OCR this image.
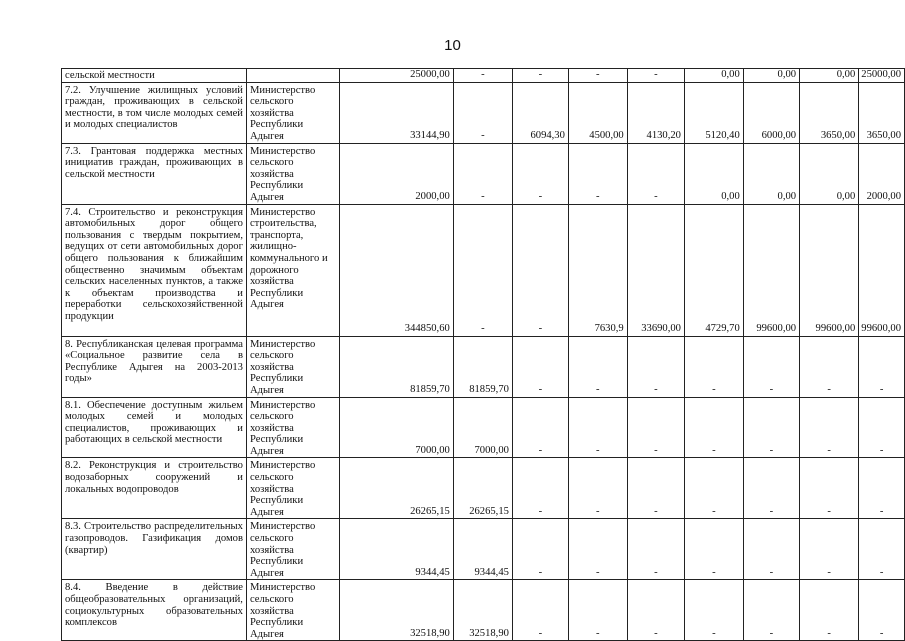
10
сельской местности		25000,00	-	-	-	-	0,00	0,00	0,00	25000,00
7.2. Улучшение жилищных условий граждан, проживающих в сельской местности, в том числе молодых семей и молодых специалистов	Министерство сельского хозяйства Республики Адыгея	33144,90	-	6094,30	4500,00	4130,20	5120,40	6000,00	3650,00	3650,00
7.3. Грантовая поддержка местных инициатив граждан, проживающих в сельской местности	Министерство сельского хозяйства Республики Адыгея	2000,00	-	-	-	-	0,00	0,00	0,00	2000,00
7.4. Строительство и реконструкция автомобильных дорог общего пользования с твердым покрытием, ведущих от сети автомобильных дорог общего пользования к ближайшим общественно значимым объектам сельских населенных пунктов, а также к объектам производства и переработки сельскохозяйственной продукции	Министерство строительства, транспорта, жилищно-коммунального и дорожного хозяйства Республики Адыгея	344850,60	-	-	7630,9	33690,00	4729,70	99600,00	99600,00	99600,00
8. Республиканская целевая программа «Социальное развитие села в Республике Адыгея на 2003-2013 годы»	Министерство сельского хозяйства Республики Адыгея	81859,70	81859,70	-	-	-	-	-	-	-
8.1. Обеспечение доступным жильем молодых семей и молодых специалистов, проживающих и работающих в сельской местности	Министерство сельского хозяйства Республики Адыгея	7000,00	7000,00	-	-	-	-	-	-	-
8.2. Реконструкция и строительство водозаборных сооружений и локальных водопроводов	Министерство сельского хозяйства Республики Адыгея	26265,15	26265,15	-	-	-	-	-	-	-
8.3. Строительство распределительных газопроводов. Газификация домов (квартир)	Министерство сельского хозяйства Республики Адыгея	9344,45	9344,45	-	-	-	-	-	-	-
8.4. Введение в действие общеобразовательных организаций, социокультурных образовательных комплексов	Министерство сельского хозяйства Республики Адыгея	32518,90	32518,90	-	-	-	-	-	-	-
